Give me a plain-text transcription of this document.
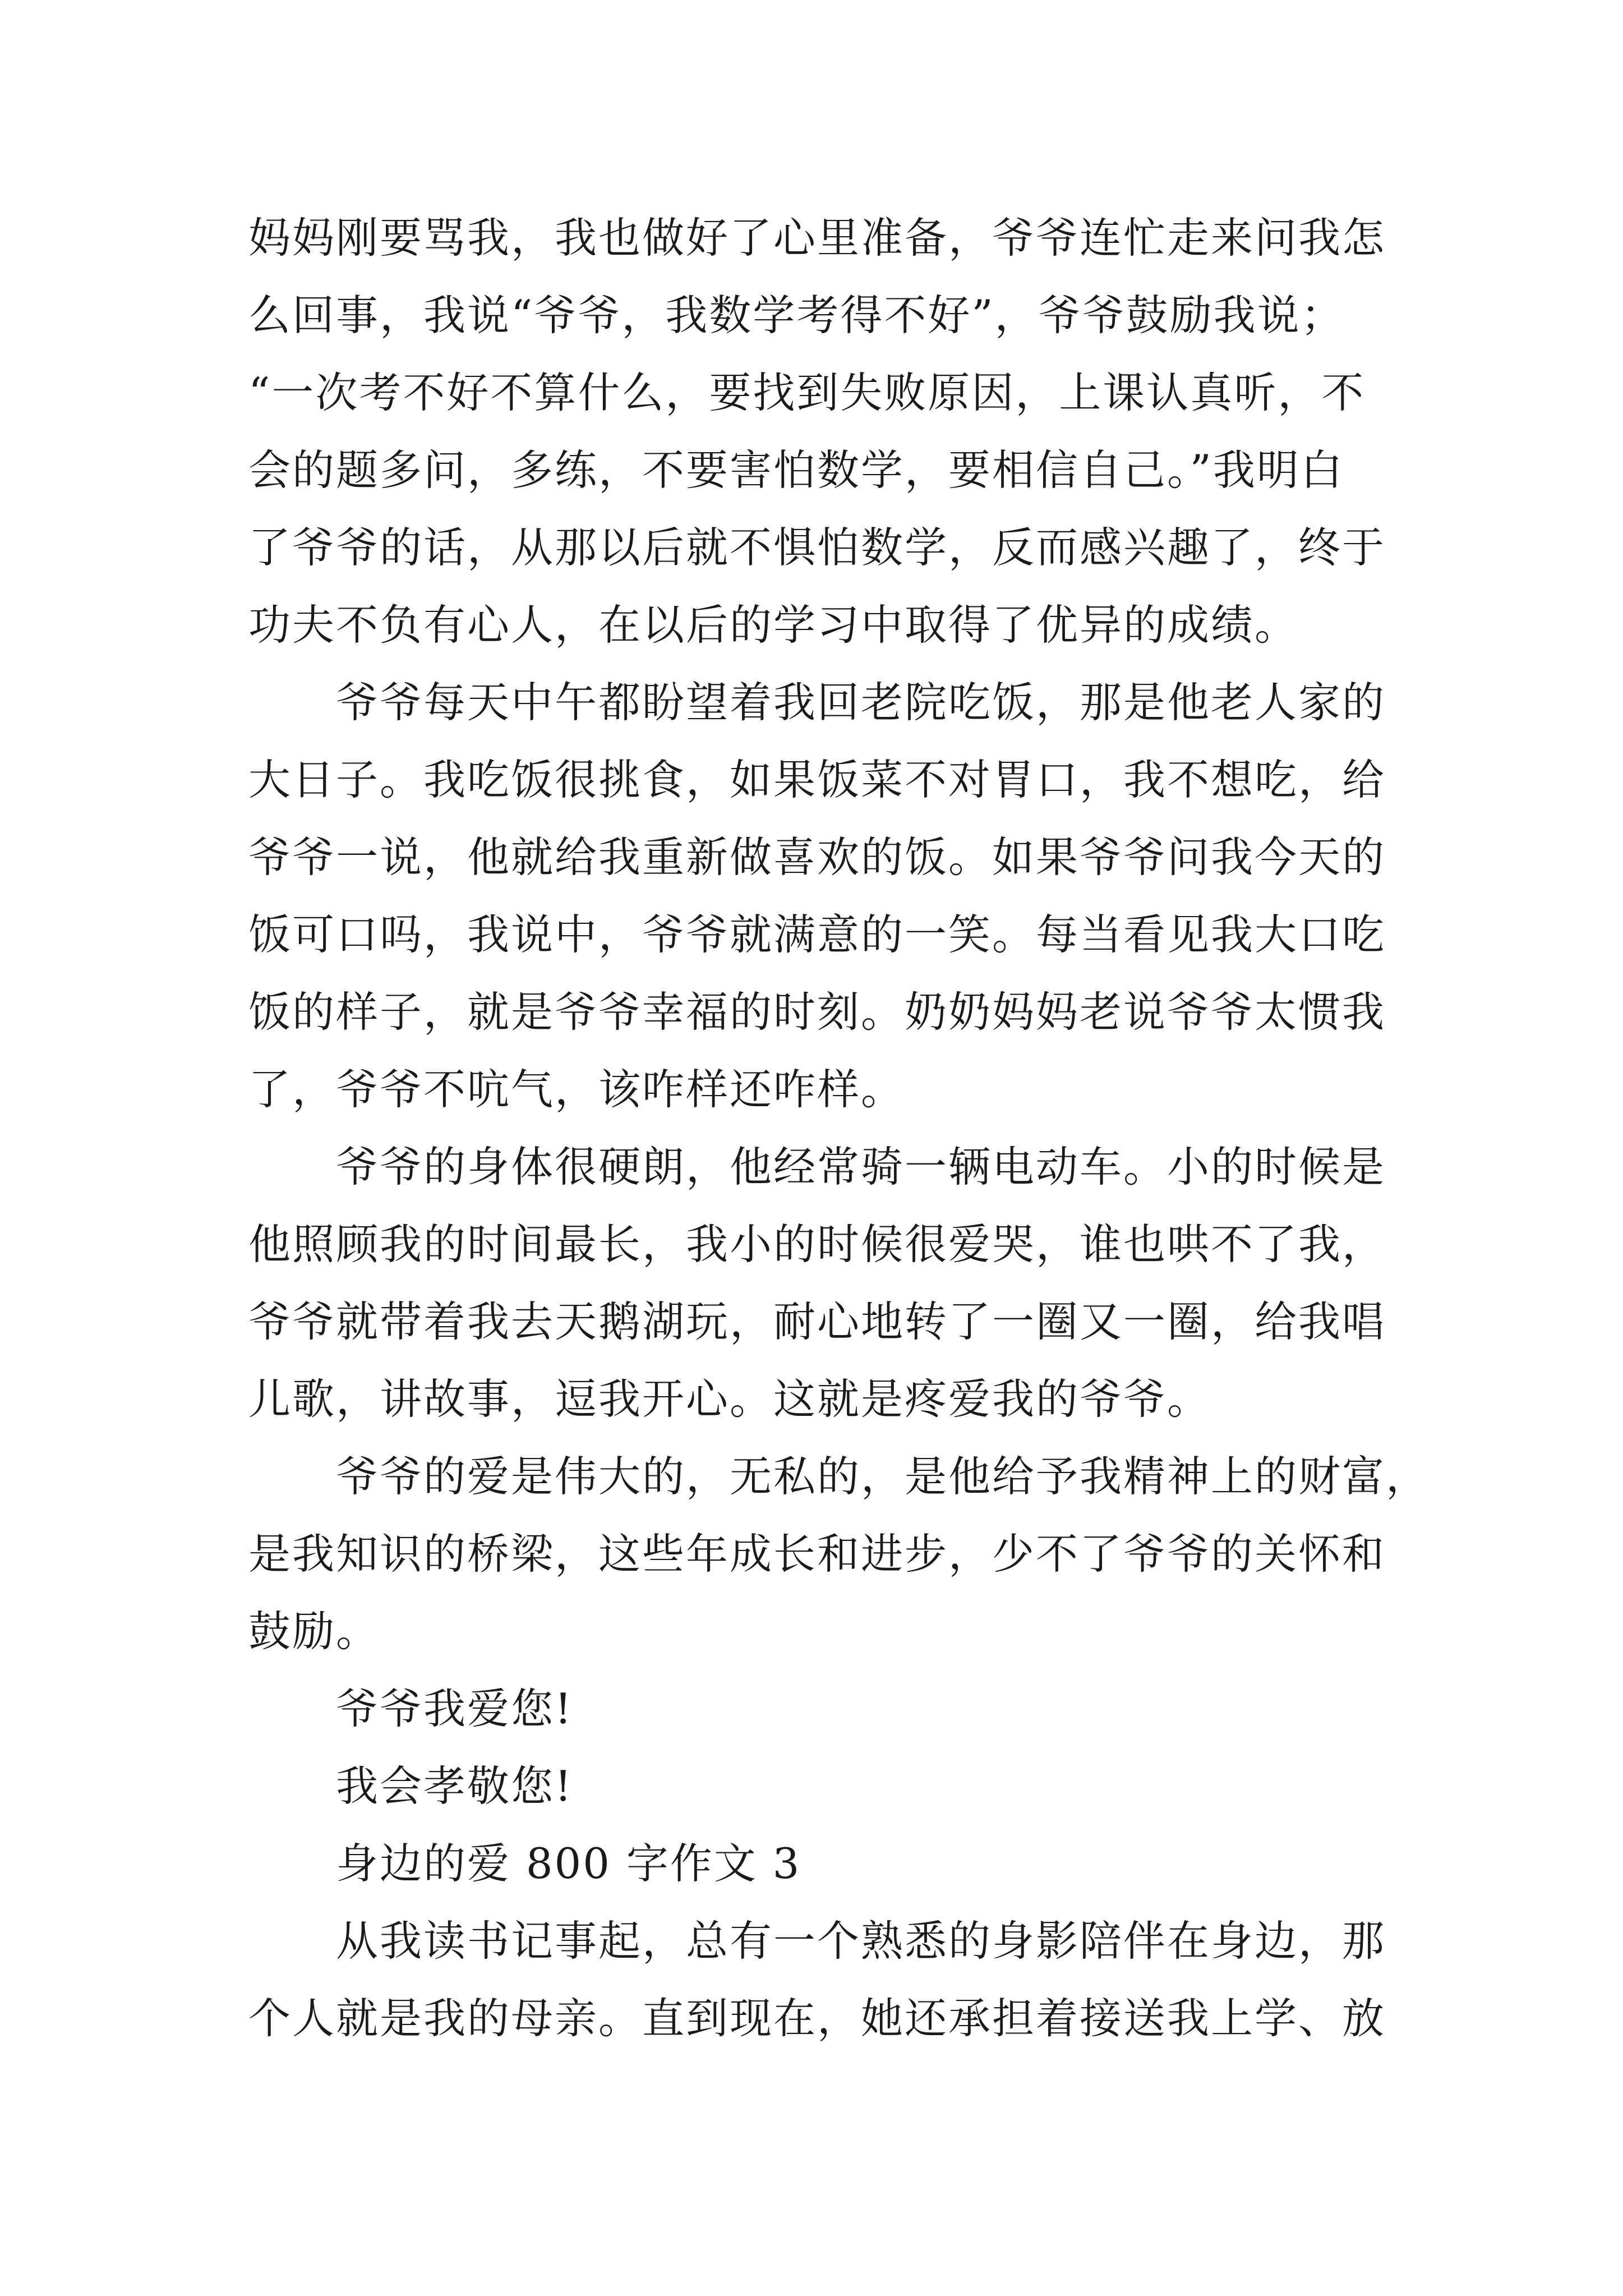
妈妈刚要骂我，我也做好了心里准备，爷爷连忙走来问我怎
么回事，我说“爷爷，我数学考得不好”，爷爷鼓励我说；
“一次考不好不算什么，要找到失败原因，上课认真听，不
会的题多问，多练，不要害怕数学，要相信自己。”我明白
了爷爷的话，从那以后就不惧怕数学，反而感兴趣了，终于
功夫不负有心人，在以后的学习中取得了优异的成绩。

爷爷每天中午都盼望着我回老院吃饭，那是他老人家的
大日子。我吃饭很挑食，如果饭菜不对胃口，我不想吃，给
爷爷一说，他就给我重新做喜欢的饭。如果爷爷问我今天的
饭可口吗，我说中，爷爷就满意的一笑。每当看见我大口吃
饭的样子，就是爷爷幸福的时刻。奶奶妈妈老说爷爷太惯我
了，爷爷不吭气，该咋样还咋样。

爷爷的身体很硬朗，他经常骑一辆电动车。小的时候是
他照顾我的时间最长，我小的时候很爱哭，谁也哄不了我，
爷爷就带着我去天鹅湖玩，耐心地转了一圈又一圈，给我唱
儿歌，讲故事，逗我开心。这就是疼爱我的爷爷。

爷爷的爱是伟大的，无私的，是他给予我精神上的财富，
是我知识的桥梁，这些年成长和进步，少不了爷爷的关怀和
鼓励。

爷爷我爱您!

我会孝敬您!

身边的爱 800 字作文 3

从我读书记事起，总有一个熟悉的身影陪伴在身边，那
个人就是我的母亲。直到现在，她还承担着接送我上学、放
